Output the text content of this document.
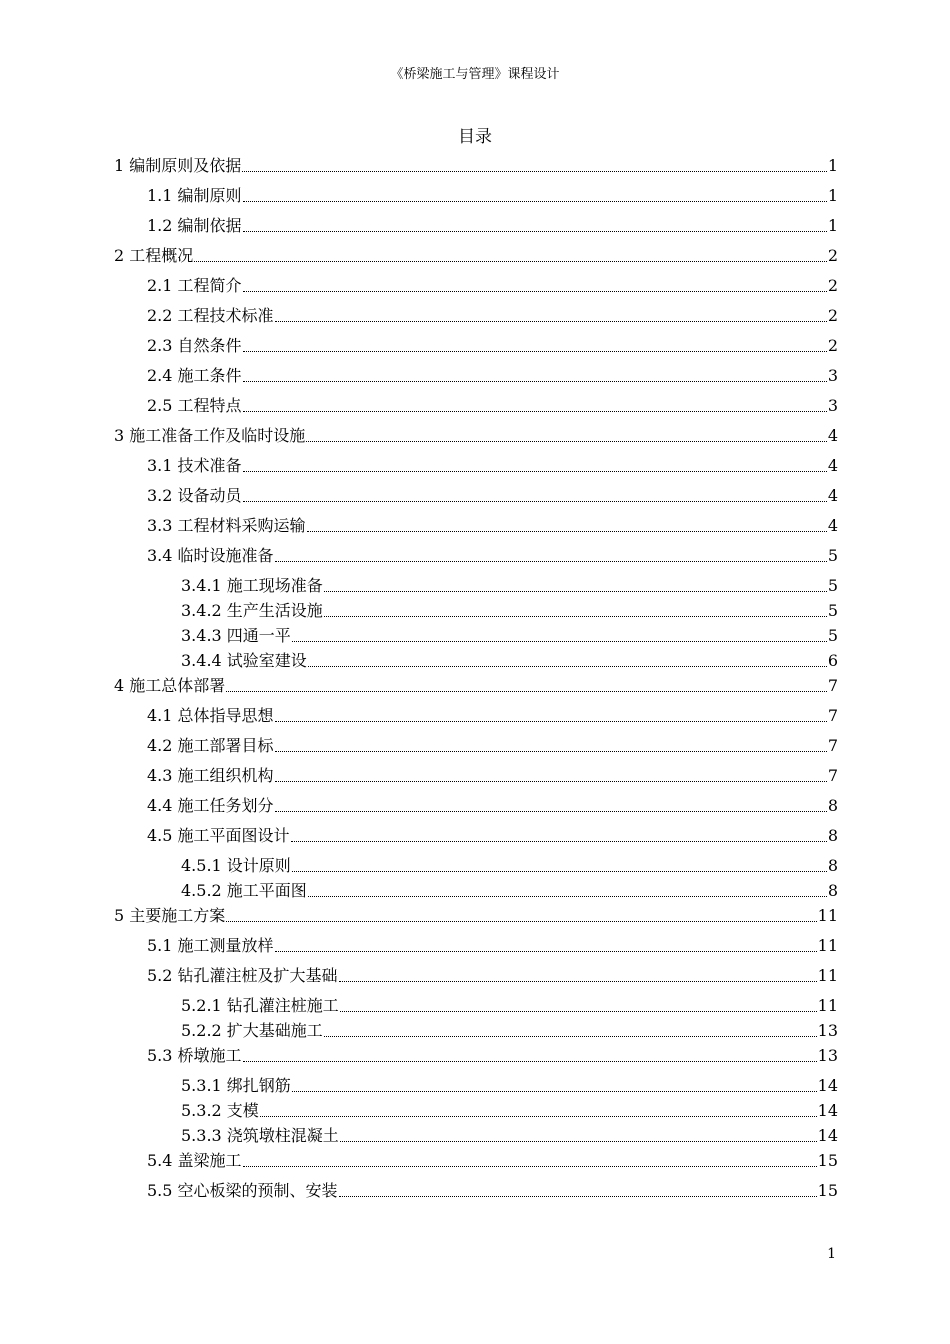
《桥梁施工与管理》课程设计
目录
1 编制原则及依据	1
1.1 编制原则	1
1.2 编制依据	1
2 工程概况	2
2.1 工程简介	2
2.2 工程技术标准	2
2.3 自然条件	2
2.4 施工条件	3
2.5 工程特点	3
3 施工准备工作及临时设施	4
3.1 技术准备	4
3.2 设备动员	4
3.3 工程材料采购运输	4
3.4 临时设施准备	5
3.4.1 施工现场准备	5
3.4.2 生产生活设施	5
3.4.3 四通一平	5
3.4.4 试验室建设	6
4 施工总体部署	7
4.1 总体指导思想	7
4.2 施工部署目标	7
4.3 施工组织机构	7
4.4 施工任务划分	8
4.5 施工平面图设计	8
4.5.1 设计原则	8
4.5.2 施工平面图	8
5 主要施工方案	11
5.1 施工测量放样	11
5.2 钻孔灌注桩及扩大基础	11
5.2.1 钻孔灌注桩施工	11
5.2.2 扩大基础施工	13
5.3 桥墩施工	13
5.3.1 绑扎钢筋	14
5.3.2 支模	14
5.3.3 浇筑墩柱混凝土	14
5.4 盖梁施工	15
5.5 空心板梁的预制、安装	15
1
